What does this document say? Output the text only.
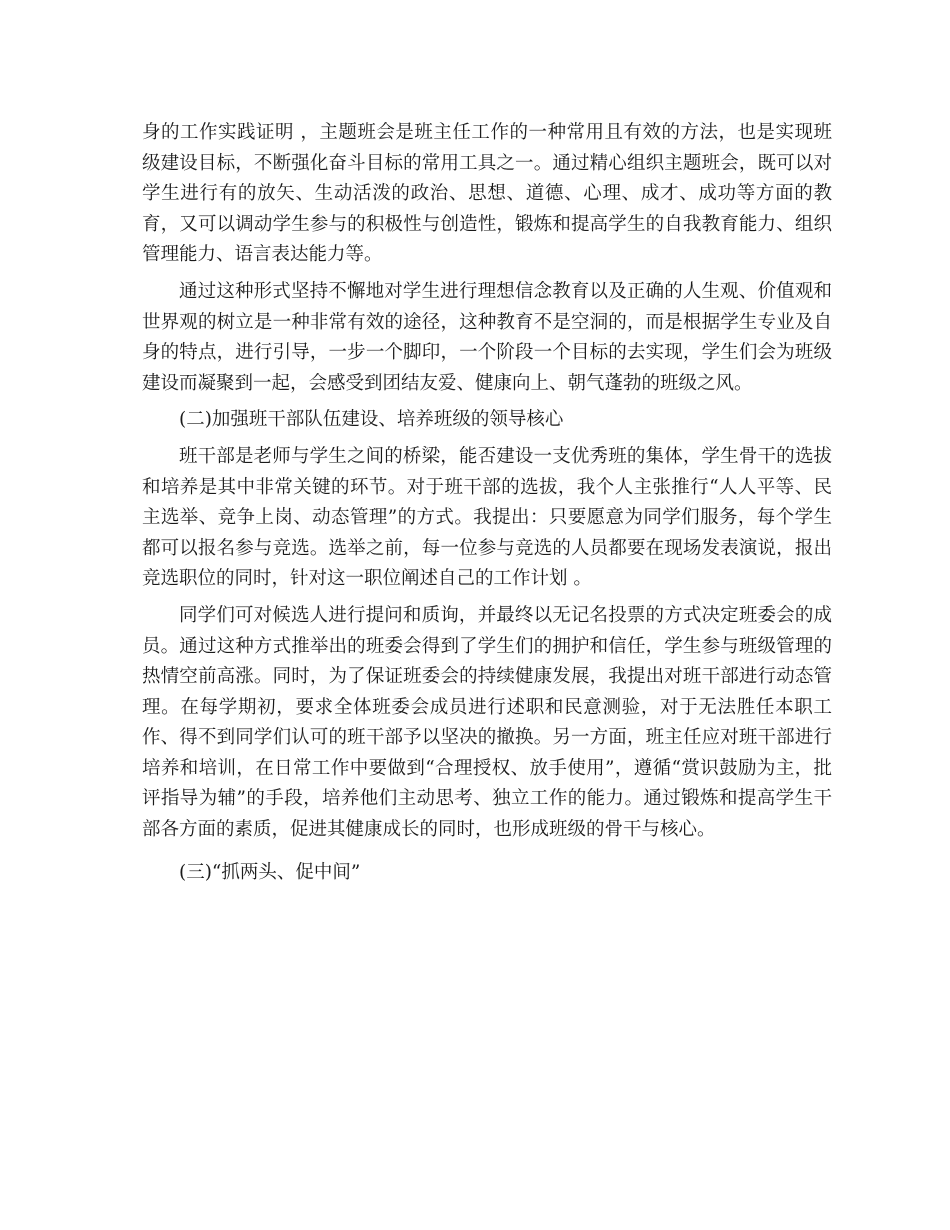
身的工作实践证明 ，主题班会是班主任工作的一种常用且有效的方法，也是实现班级建设目标，不断强化奋斗目标的常用工具之一。通过精心组织主题班会，既可以对学生进行有的放矢、生动活泼的政治、思想、道德、心理、成才、成功等方面的教育，又可以调动学生参与的积极性与创造性，锻炼和提高学生的自我教育能力、组织管理能力、语言表达能力等。

通过这种形式坚持不懈地对学生进行理想信念教育以及正确的人生观、价值观和世界观的树立是一种非常有效的途径，这种教育不是空洞的，而是根据学生专业及自身的特点，进行引导，一步一个脚印，一个阶段一个目标的去实现，学生们会为班级建设而凝聚到一起，会感受到团结友爱、健康向上、朝气蓬勃的班级之风。

(二)加强班干部队伍建设、培养班级的领导核心

班干部是老师与学生之间的桥梁，能否建设一支优秀班的集体，学生骨干的选拔和培养是其中非常关键的环节。对于班干部的选拔，我个人主张推行“人人平等、民主选举、竞争上岗、动态管理”的方式。我提出：只要愿意为同学们服务，每个学生都可以报名参与竞选。选举之前，每一位参与竞选的人员都要在现场发表演说，报出竞选职位的同时，针对这一职位阐述自己的工作计划 。

同学们可对候选人进行提问和质询，并最终以无记名投票的方式决定班委会的成员。通过这种方式推举出的班委会得到了学生们的拥护和信任，学生参与班级管理的热情空前高涨。同时，为了保证班委会的持续健康发展，我提出对班干部进行动态管理。在每学期初，要求全体班委会成员进行述职和民意测验，对于无法胜任本职工作、得不到同学们认可的班干部予以坚决的撤换。另一方面，班主任应对班干部进行培养和培训，在日常工作中要做到“合理授权、放手使用”，遵循“赏识鼓励为主，批评指导为辅”的手段，培养他们主动思考、独立工作的能力。通过锻炼和提高学生干部各方面的素质，促进其健康成长的同时，也形成班级的骨干与核心。

(三)“抓两头、促中间”
